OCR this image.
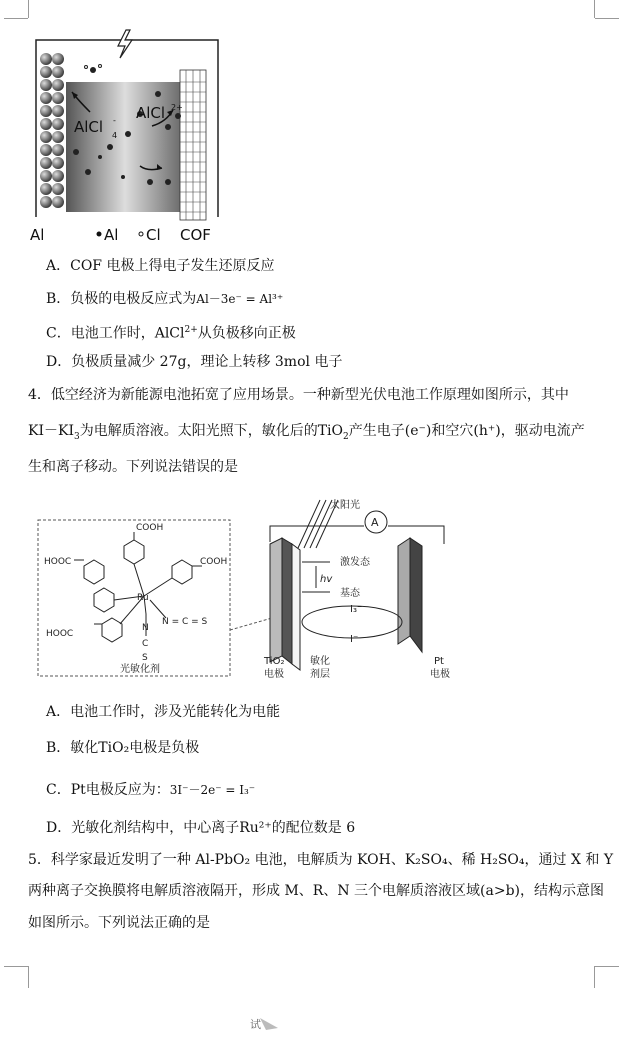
AlCl 4
- AlCl 2+
Al	Al Cl COF
A．COF 电极上得电子发生还原反应
B．负极的电极反应式为Al－3e⁻ = Al³⁺
C．电池工作时，AlCl$^{2+}$从负极移向正极
D．负极质量减少 27g，理论上转移 3mol 电子
4．低空经济为新能源电池拓宽了应用场景。一种新型光伏电池工作原理如图所示，其中
$KI-KI_3$为电解质溶液。太阳光照下，敏化后的TiO$_2$产生电子(e⁻)和空穴(h⁺)，驱动电流产
生和离子移动。下列说法错误的是
COOH
HOOC	COOH
HOOC
Ru
N = C = S
N
C
S
光敏化剂
A
太阳光
激发态
hv
基态
I₃⁻
I⁻
TiO₂
电极
敏化
剂层
Pt
电极
A．电池工作时，涉及光能转化为电能
B．敏化TiO₂电极是负极
C．Pt电极反应为：3I⁻－2e⁻ = I₃⁻
D．光敏化剂结构中，中心离子Ru²⁺的配位数是 6
5．科学家最近发明了一种 Al-PbO₂ 电池，电解质为 KOH、K₂SO₄、稀 H₂SO₄，通过 X 和 Y
两种离子交换膜将电解质溶液隔开，形成 M、R、N 三个电解质溶液区域(a>b)，结构示意图
如图所示。下列说法正确的是
试
